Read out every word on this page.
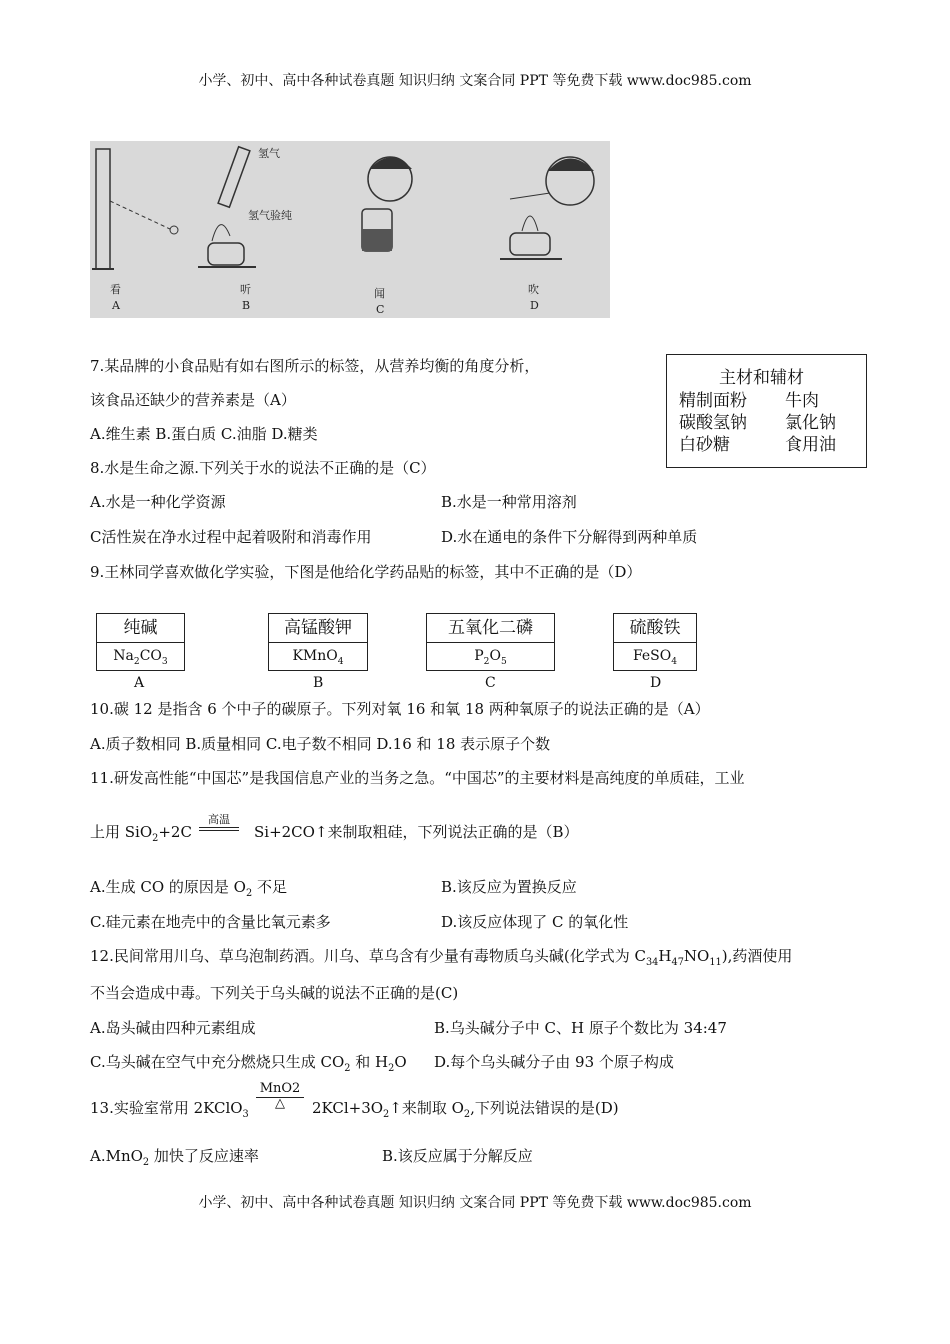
小学、初中、高中各种试卷真题 知识归纳 文案合同 PPT 等免费下载 www.doc985.com
氢气
氢气验纯
看
A
听
B
闻
C
吹
D
7.某品牌的小食品贴有如右图所示的标签，从营养均衡的角度分析，
该食品还缺少的营养素是（A）
A.维生素 B.蛋白质 C.油脂 D.糖类
主材和辅材
精制面粉 牛肉
碳酸氢钠 氯化钠
白砂糖	食用油
8.水是生命之源.下列关于水的说法不正确的是（C）
A.水是一种化学资源	B.水是一种常用溶剂
C活性炭在净水过程中起着吸附和消毒作用	D.水在通电的条件下分解得到两种单质
9.王林同学喜欢做化学实验，下图是他给化学药品贴的标签，其中不正确的是（D）
纯碱
$Na_2CO_3$
高锰酸钾
KMnO$_4$
五氧化二磷
$P_2O_5$
硫酸铁
FeSO$_4$
A	B	C	D
10.碳 12 是指含 6 个中子的碳原子。下列对氧 16 和氧 18 两种氧原子的说法正确的是（A）
A.质子数相同 B.质量相同 C.电子数不相同 D.16 和 18 表示原子个数
11.研发高性能“中国芯”是我国信息产业的当务之急。“中国芯”的主要材料是高纯度的单质硅，工业
上用 SiO$_2$+2C
高温
Si+2CO↑来制取粗硅，下列说法正确的是（B）
A.生成 CO 的原因是 $O_2$ 不足	B.该反应为置换反应
C.硅元素在地壳中的含量比氧元素多	D.该反应体现了 C 的氧化性
12.民间常用川乌、草乌泡制药酒。川乌、草乌含有少量有毒物质乌头碱(化学式为 $C_{34}H_{47}NO_{11}$),药酒使用
不当会造成中毒。下列关于乌头碱的说法不正确的是(C)
A.岛头碱由四种元素组成	B.乌头碱分子中 C、H 原子个数比为 34:47
C.乌头碱在空气中充分燃烧只生成 $CO_2$ 和 $H_2O$ D.每个乌头碱分子由 93 个原子构成
13.实验室常用 2KClO$_3$
MnO2
△	$2KCl+3O_2↑$来制取 $O_2$,下列说法错误的是(D)
A.MnO$_2$ 加快了反应速率	B.该反应属于分解反应
小学、初中、高中各种试卷真题 知识归纳 文案合同 PPT 等免费下载 www.doc985.com
